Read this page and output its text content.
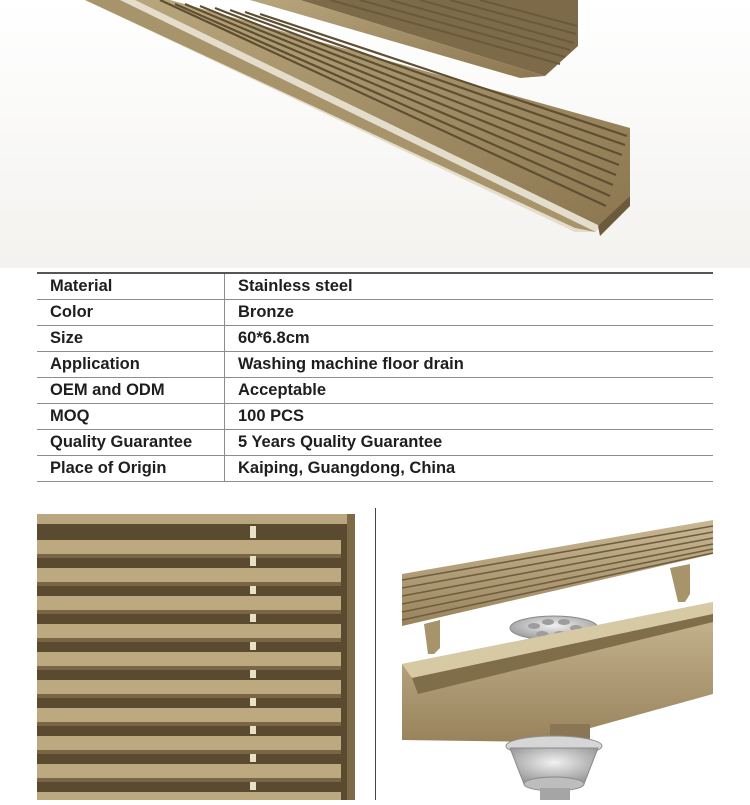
Material	Stainless steel
Color	Bronze
Size	60*6.8cm
Application	Washing machine floor drain
OEM and ODM	Acceptable
MOQ	100 PCS
Quality Guarantee	5 Years Quality Guarantee
Place of Origin	Kaiping, Guangdong, China
